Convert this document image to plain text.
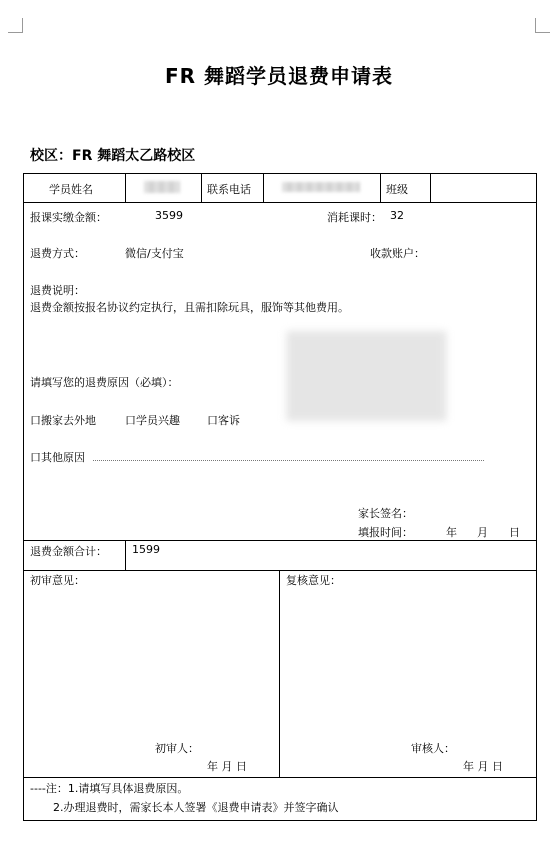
FR 舞蹈学员退费申请表
校区：FR 舞蹈太乙路校区
学员姓名	联系电话	班级
报课实缴金额：	3599	消耗课时： 32
退费方式：	微信/支付宝	收款账户：
退费说明：
退费金额按报名协议约定执行，且需扣除玩具，服饰等其他费用。
请填写您的退费原因（必填）：
口搬家去外地	口学员兴趣 口客诉
口其他原因
家长签名：
填报时间：	年 月 日
退费金额合计： 1599
初审意见：	复核意见：
初审人：	审核人：
年 月 日	年 月 日
----注：1.请填写具体退费原因。
2.办理退费时，需家长本人签署《退费申请表》并签字确认
